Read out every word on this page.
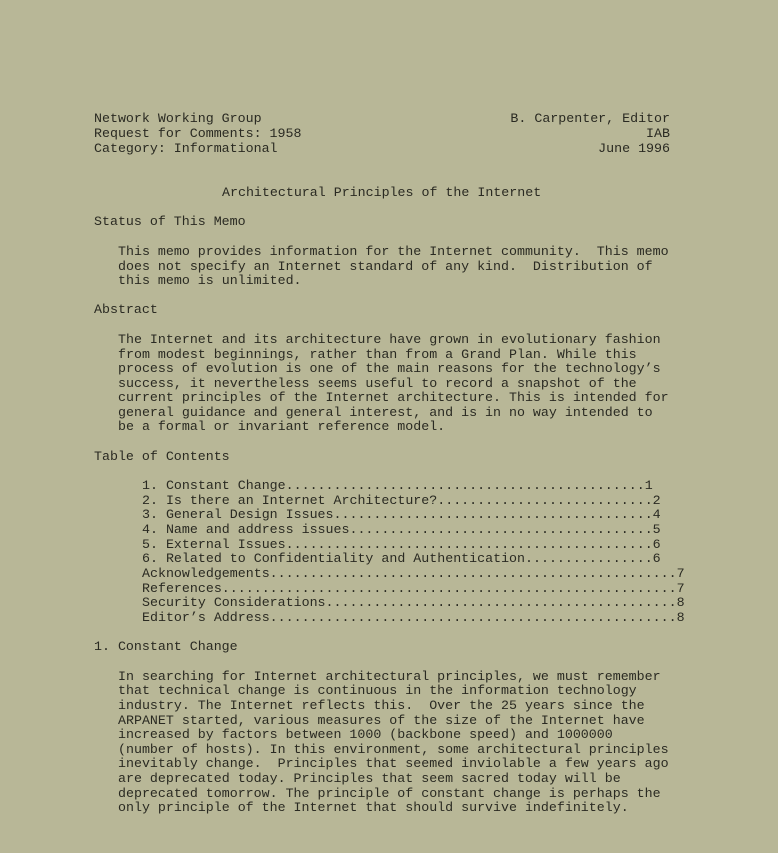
Network Working Group
Request for Comments: 1958
Category: Informational
B. Carpenter, Editor
IAB
June 1996
Architectural Principles of the Internet
Status of This Memo
This memo provides information for the Internet community.  This memo
does not specify an Internet standard of any kind.  Distribution of
this memo is unlimited.
Abstract
The Internet and its architecture have grown in evolutionary fashion
from modest beginnings, rather than from a Grand Plan. While this
process of evolution is one of the main reasons for the technology’s
success, it nevertheless seems useful to record a snapshot of the
current principles of the Internet architecture. This is intended for
general guidance and general interest, and is in no way intended to
be a formal or invariant reference model.
Table of Contents
1. Constant Change.............................................1
2. Is there an Internet Architecture?...........................2
3. General Design Issues........................................4
4. Name and address issues......................................5
5. External Issues..............................................6
6. Related to Confidentiality and Authentication................6
Acknowledgements...................................................7
References.........................................................7
Security Considerations............................................8
Editor’s Address...................................................8
1. Constant Change
In searching for Internet architectural principles, we must remember
that technical change is continuous in the information technology
industry. The Internet reflects this.  Over the 25 years since the
ARPANET started, various measures of the size of the Internet have
increased by factors between 1000 (backbone speed) and 1000000
(number of hosts). In this environment, some architectural principles
inevitably change.  Principles that seemed inviolable a few years ago
are deprecated today. Principles that seem sacred today will be
deprecated tomorrow. The principle of constant change is perhaps the
only principle of the Internet that should survive indefinitely.
